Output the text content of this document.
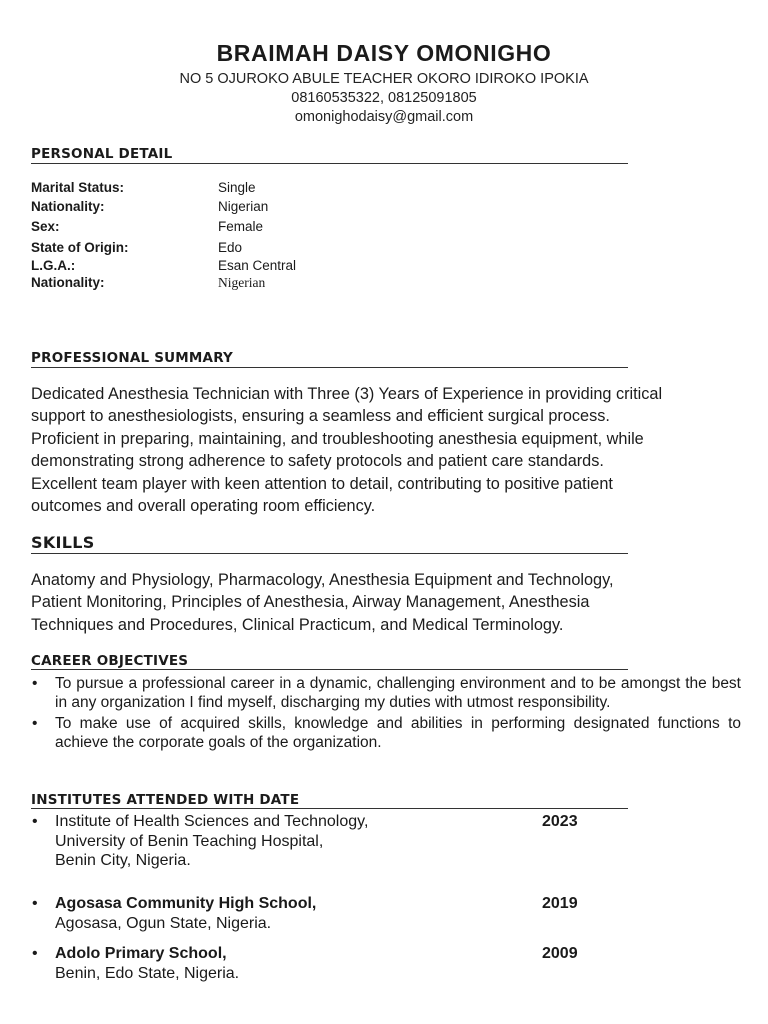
BRAIMAH DAISY OMONIGHO
NO 5 OJUROKO ABULE TEACHER OKORO IDIROKO IPOKIA
08160535322, 08125091805
omonighodaisy@gmail.com
PERSONAL DETAIL
Marital Status:	Single
Nationality:	Nigerian
Sex:	Female
State of Origin:	Edo
L.G.A.:	Esan Central
Nationality:	Nigerian
PROFESSIONAL SUMMARY
Dedicated Anesthesia Technician with Three (3) Years of Experience in providing critical
support to anesthesiologists, ensuring a seamless and efficient surgical process.
Proficient in preparing, maintaining, and troubleshooting anesthesia equipment, while
demonstrating strong adherence to safety protocols and patient care standards.
Excellent team player with keen attention to detail, contributing to positive patient
outcomes and overall operating room efficiency.
SKILLS
Anatomy and Physiology, Pharmacology, Anesthesia Equipment and Technology,
Patient Monitoring, Principles of Anesthesia, Airway Management, Anesthesia
Techniques and Procedures, Clinical Practicum, and Medical Terminology.
CAREER OBJECTIVES
• To pursue a professional career in a dynamic, challenging environment and to be amongst the best in any organization I find myself, discharging my duties with utmost responsibility.
• To make use of acquired skills, knowledge and abilities in performing designated functions to achieve the corporate goals of the organization.
INSTITUTES ATTENDED WITH DATE
• Institute of Health Sciences and Technology,
University of Benin Teaching Hospital,
Benin City, Nigeria.
2023
• Agosasa Community High School,
Agosasa, Ogun State, Nigeria.
2019
• Adolo Primary School,
Benin, Edo State, Nigeria.
2009
